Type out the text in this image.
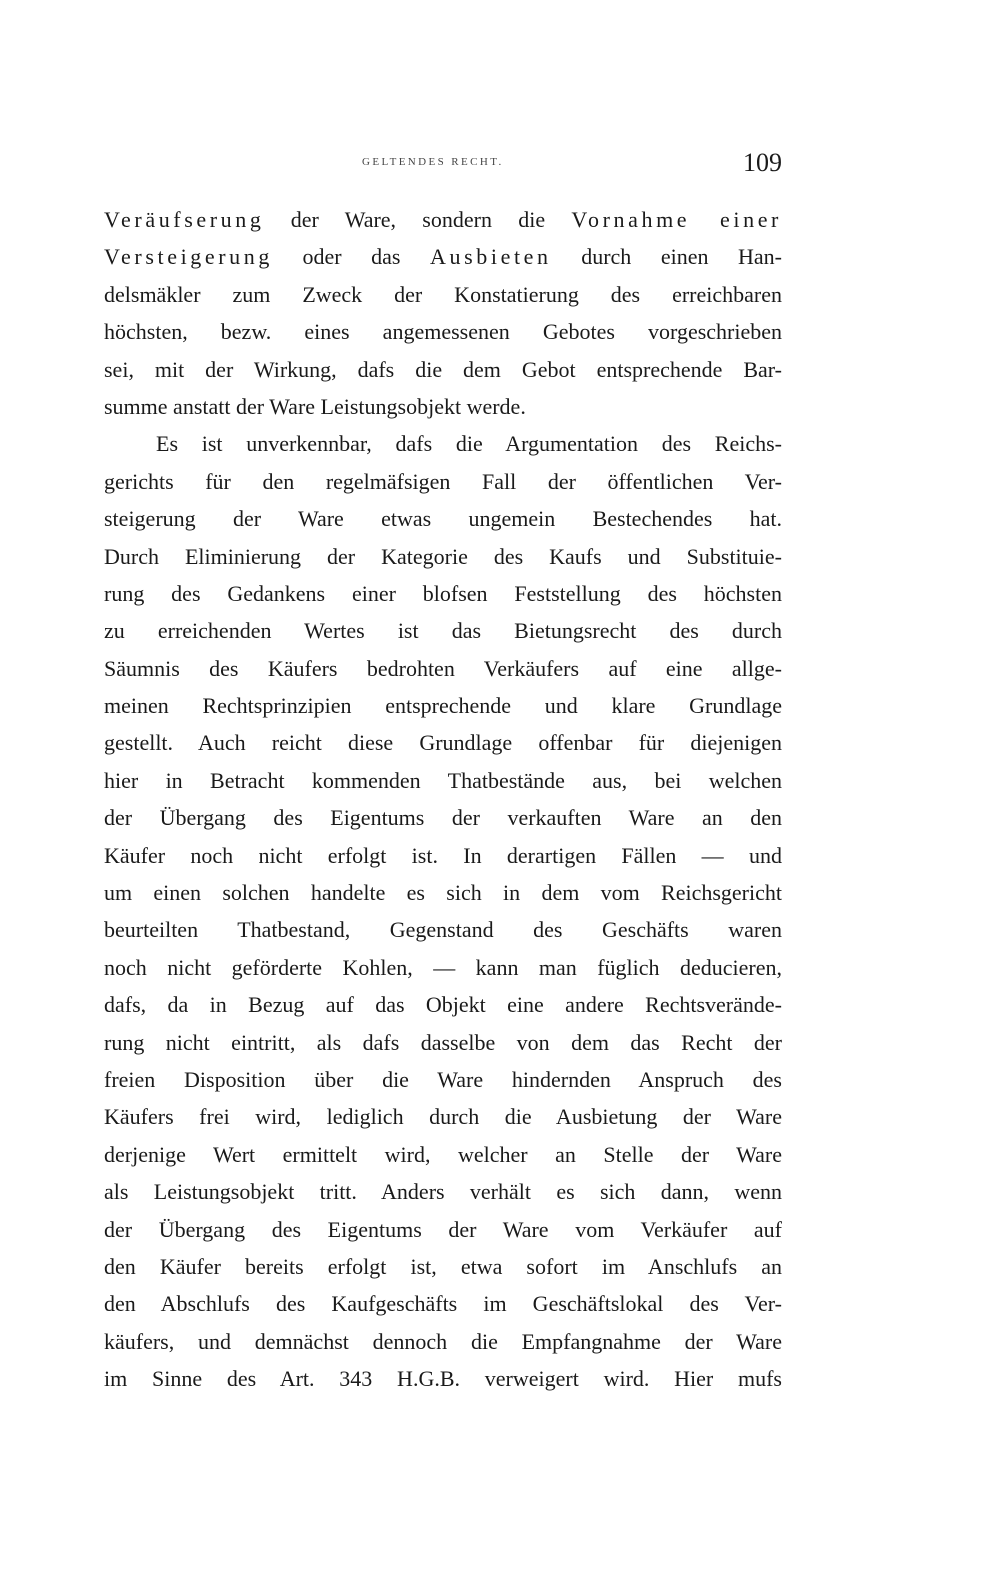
GELTENDES RECHT.	109
Veräufserung der Ware, sondern die Vornahme einer
Versteigerung oder das Ausbieten durch einen Han-
delsmäkler zum Zweck der Konstatierung des erreichbaren
höchsten, bezw. eines angemessenen Gebotes vorgeschrieben
sei, mit der Wirkung, dafs die dem Gebot entsprechende Bar-
summe anstatt der Ware Leistungsobjekt werde.
Es ist unverkennbar, dafs die Argumentation des Reichs-
gerichts für den regelmäfsigen Fall der öffentlichen Ver-
steigerung der Ware etwas ungemein Bestechendes hat.
Durch Eliminierung der Kategorie des Kaufs und Substituie-
rung des Gedankens einer blofsen Feststellung des höchsten
zu erreichenden Wertes ist das Bietungsrecht des durch
Säumnis des Käufers bedrohten Verkäufers auf eine allge-
meinen Rechtsprinzipien entsprechende und klare Grundlage
gestellt. Auch reicht diese Grundlage offenbar für diejenigen
hier in Betracht kommenden Thatbestände aus, bei welchen
der Übergang des Eigentums der verkauften Ware an den
Käufer noch nicht erfolgt ist. In derartigen Fällen — und
um einen solchen handelte es sich in dem vom Reichsgericht
beurteilten Thatbestand, Gegenstand des Geschäfts waren
noch nicht geförderte Kohlen, — kann man füglich deducieren,
dafs, da in Bezug auf das Objekt eine andere Rechtsverände-
rung nicht eintritt, als dafs dasselbe von dem das Recht der
freien Disposition über die Ware hindernden Anspruch des
Käufers frei wird, lediglich durch die Ausbietung der Ware
derjenige Wert ermittelt wird, welcher an Stelle der Ware
als Leistungsobjekt tritt. Anders verhält es sich dann, wenn
der Übergang des Eigentums der Ware vom Verkäufer auf
den Käufer bereits erfolgt ist, etwa sofort im Anschlufs an
den Abschlufs des Kaufgeschäfts im Geschäftslokal des Ver-
käufers, und demnächst dennoch die Empfangnahme der Ware
im Sinne des Art. 343 H.G.B. verweigert wird. Hier mufs
